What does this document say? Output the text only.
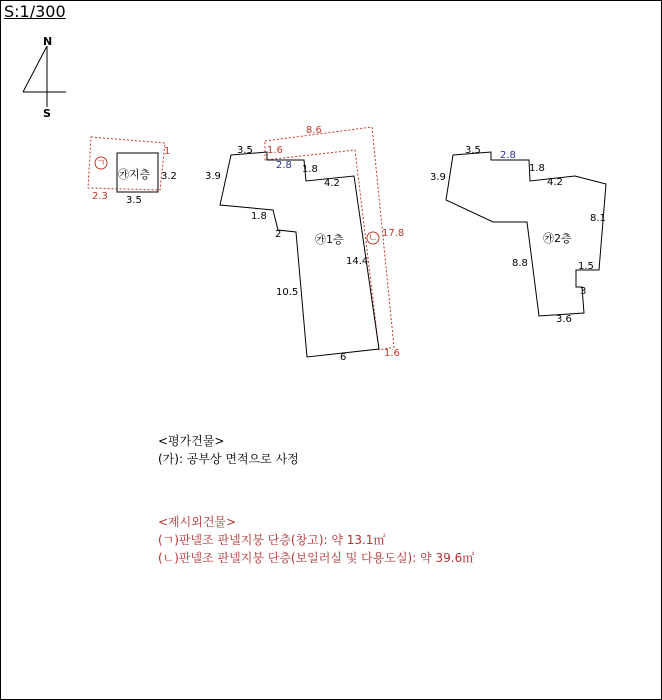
S:1/300
N
S
ㄱ
㉮지층 3.2
3.5
1
2.3
ㄴ
㉮1층
3.5
2.8
3.9
1.8
2
10.5
6
14.4
1.8
4.2
8.6
1.6
17.8
1.6
㉮2층
3.5 2.8
3.9
1.8
4.2
8.1
1.5
3
3.6
8.8
<평가건물>
(가): 공부상 면적으로 사정
<제시외건물>
(ㄱ)판넬조 판넬지붕 단층(창고): 약 13.1㎡
(ㄴ)판넬조 판넬지붕 단층(보일러실 및 다용도실): 약 39.6㎡
